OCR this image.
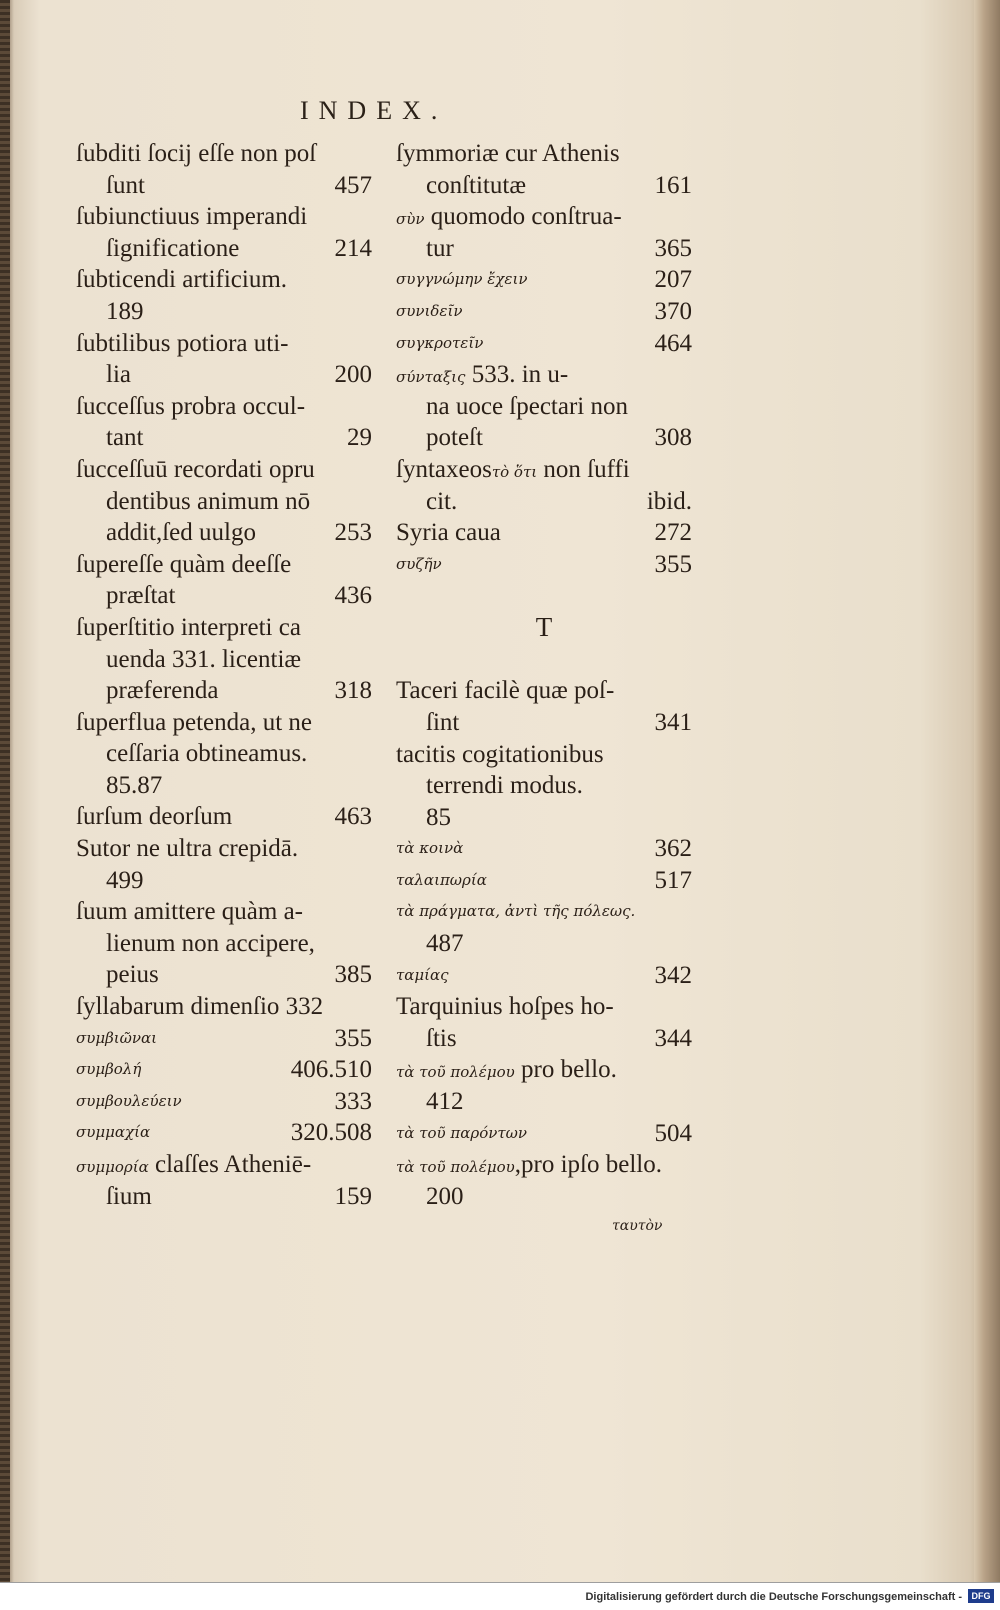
INDEX.
ſubditi ſocij eſſe non poſ
ſunt	457
ſubiunctiuus imperandi
ſignificatione	214
ſubticendi artificium.
189
ſubtilibus potiora uti-
lia	200
ſucceſſus probra occul-
tant	29
ſucceſſuū recordati opru
dentibus animum nō
addit,ſed uulgo	253
ſupereſſe quàm deeſſe
præſtat	436
ſuperſtitio interpreti ca
uenda 331. licentiæ
præferenda	318
ſuperflua petenda, ut ne
ceſſaria obtineamus.
85.87
ſurſum deorſum	463
Sutor ne ultra crepidā.
499
ſuum amittere quàm a-
lienum non accipere,
peius	385
ſyllabarum dimenſio 332
συμβιῶναι	355
συμβολή	406.510
συμβουλεύειν	333
συμμαχία	320.508
συμμορία claſſes Atheniē-
ſium	159
ſymmoriæ cur Athenis
conſtitutæ	161
σὺν quomodo conſtrua-
tur	365
συγγνώμην ἔχειν	207
συνιδεῖν	370
συγκροτεῖν	464
σύνταξις 533. in u-
na uoce ſpectari non
poteſt	308
ſyntaxeosτὸ ὅτι non ſuffi
cit.	ibid.
Syria caua	272
συζῆν	355
T
Taceri facilè quæ poſ-
ſint	341
tacitis cogitationibus
terrendi modus.
85
τὰ κοινὰ	362
ταλαιπωρία	517
τὰ πράγματα, ἀντὶ τῆς πόλεως.
487
ταμίας	342
Tarquinius hoſpes ho-
ſtis	344
τὰ τοῦ πολέμου pro bello.
412
τὰ τοῦ παρόντων	504
τὰ τοῦ πολέμου,pro ipſo bello.
200
ταυτὸν
Digitalisierung gefördert durch die Deutsche Forschungsgemeinschaft -	DFG
